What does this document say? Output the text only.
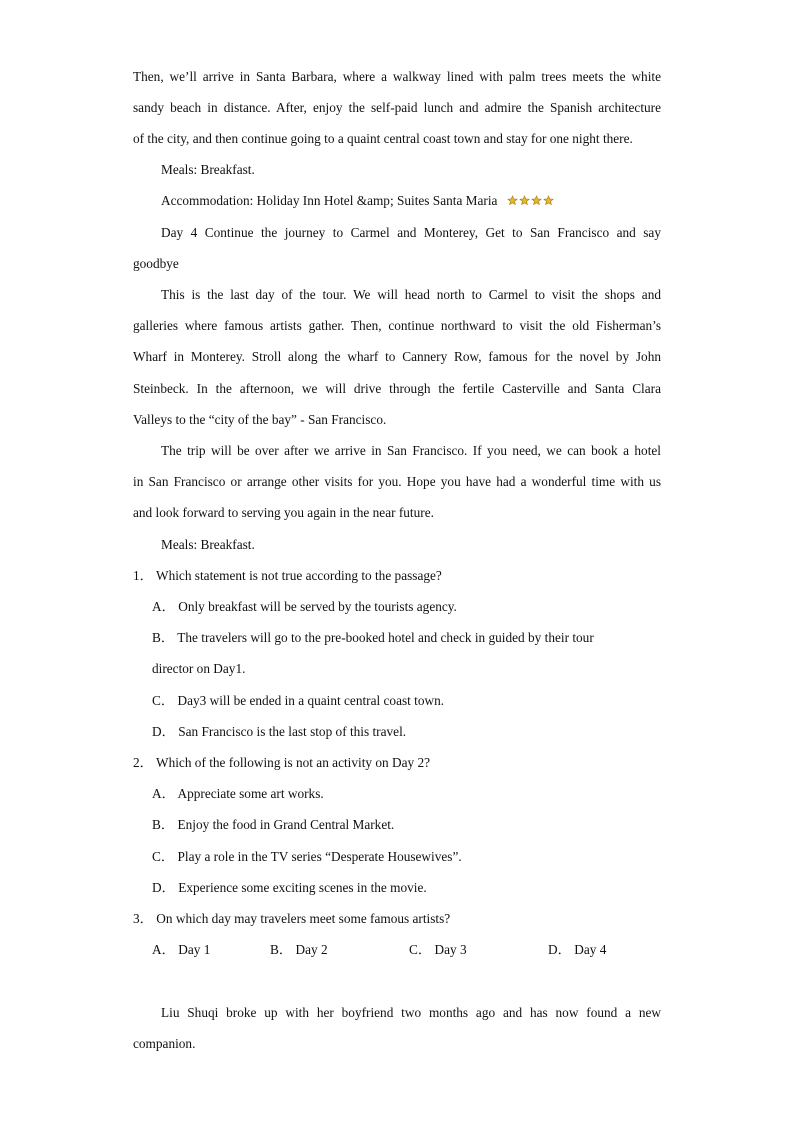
Then, we’ll arrive in Santa Barbara, where a walkway lined with palm trees meets the white
sandy beach in distance. After, enjoy the self-paid lunch and admire the Spanish architecture
of the city, and then continue going to a quaint central coast town and stay for one night there.
Meals: Breakfast.
Accommodation: Holiday Inn Hotel &amp; Suites Santa Maria
Day 4 Continue the journey to Carmel and Monterey, Get to San Francisco and say
goodbye
This is the last day of the tour. We will head north to Carmel to visit the shops and
galleries where famous artists gather. Then, continue northward to visit the old Fisherman’s
Wharf in Monterey. Stroll along the wharf to Cannery Row, famous for the novel by John
Steinbeck. In the afternoon, we will drive through the fertile Casterville and Santa Clara
Valleys to the “city of the bay” - San Francisco.
The trip will be over after we arrive in San Francisco. If you need, we can book a hotel
in San Francisco or arrange other visits for you. Hope you have had a wonderful time with us
and look forward to serving you again in the near future.
Meals: Breakfast.
1． Which statement is not true according to the passage?
A． Only breakfast will be served by the tourists agency.
B． The travelers will go to the pre-booked hotel and check in guided by their tour
director on Day1.
C． Day3 will be ended in a quaint central coast town.
D． San Francisco is the last stop of this travel.
2． Which of the following is not an activity on Day 2?
A． Appreciate some art works.
B． Enjoy the food in Grand Central Market.
C． Play a role in the TV series “Desperate Housewives”.
D． Experience some exciting scenes in the movie.
3． On which day may travelers meet some famous artists?
A． Day 1	B． Day 2	C． Day 3	D． Day 4
Liu Shuqi broke up with her boyfriend two months ago and has now found a new
companion.
